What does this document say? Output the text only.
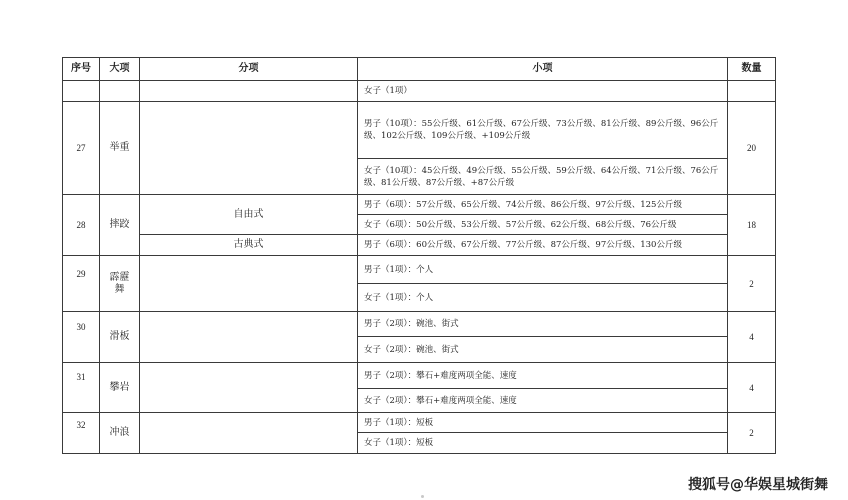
序号	大项	分项	小项	数量
			女子（1项）	
27	举重		男子（10项）：55公斤级、61公斤级、67公斤级、73公斤级、81公斤级、89公斤级、96公斤级、102公斤级、109公斤级、+109公斤级	20
			女子（10项）：45公斤级、49公斤级、55公斤级、59公斤级、64公斤级、71公斤级、76公斤级、81公斤级、87公斤级、+87公斤级	
28	摔跤	自由式	男子（6项）：57公斤级、65公斤级、74公斤级、86公斤级、97公斤级、125公斤级	18
			女子（6项）：50公斤级、53公斤级、57公斤级、62公斤级、68公斤级、76公斤级	
		古典式	男子（6项）：60公斤级、67公斤级、77公斤级、87公斤级、97公斤级、130公斤级	
29	霹靂舞		男子（1项）：个人	2
			女子（1项）：个人	
30	滑板		男子（2项）：碗池、街式	4
			女子（2项）：碗池、街式	
31	攀岩		男子（2项）：攀石+难度两项全能、速度	4
			女子（2项）：攀石+难度两项全能、速度	
32	冲浪		男子（1项）：短板	2
			女子（1项）：短板	
搜狐号@华娱星城街舞
